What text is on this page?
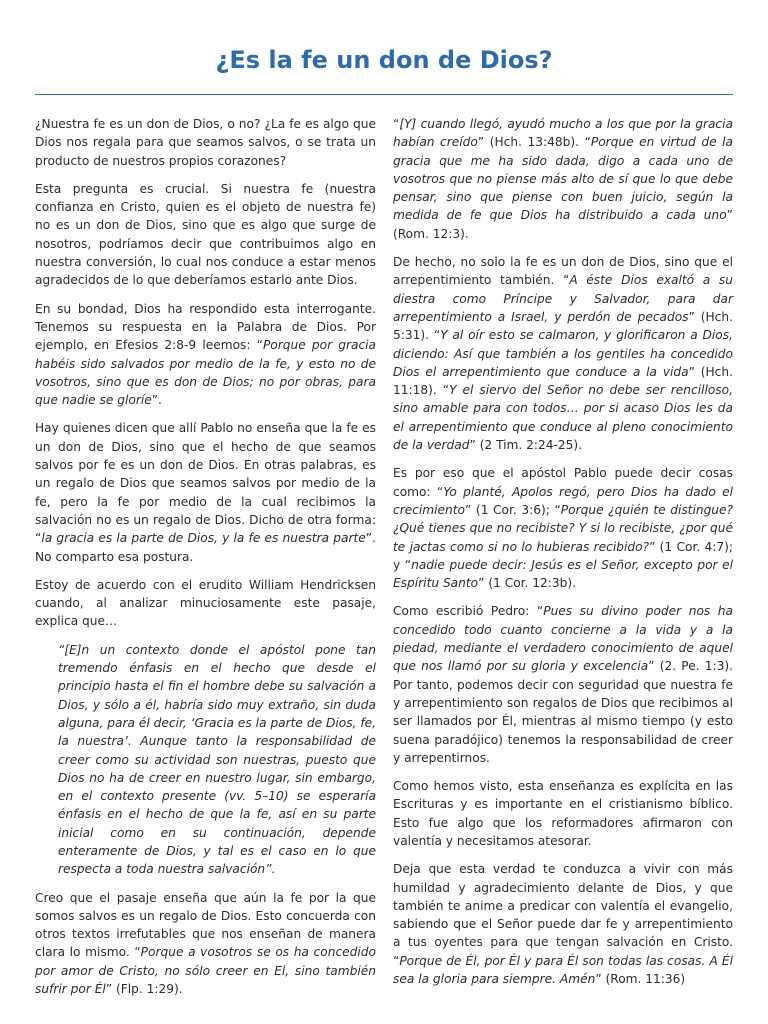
¿Es la fe un don de Dios?

¿Nuestra fe es un don de Dios, o no? ¿La fe es algo que Dios nos regala para que seamos salvos, o se trata un producto de nuestros propios corazones?

Esta pregunta es crucial. Si nuestra fe (nuestra confianza en Cristo, quien es el objeto de nuestra fe) no es un don de Dios, sino que es algo que surge de nosotros, podríamos decir que contribuimos algo en nuestra conversión, lo cual nos conduce a estar menos agradecidos de lo que deberíamos estarlo ante Dios.

En su bondad, Dios ha respondido esta interrogante. Tenemos su respuesta en la Palabra de Dios. Por ejemplo, en Efesios 2:8-9 leemos: “Porque por gracia habéis sido salvados por medio de la fe, y esto no de vosotros, sino que es don de Dios; no por obras, para que nadie se gloríe”.

Hay quienes dicen que allí Pablo no enseña que la fe es un don de Dios, sino que el hecho de que seamos salvos por fe es un don de Dios. En otras palabras, es un regalo de Dios que seamos salvos por medio de la fe, pero la fe por medio de la cual recibimos la salvación no es un regalo de Dios. Dicho de otra forma: “la gracia es la parte de Dios, y la fe es nuestra parte”. No comparto esa postura.

Estoy de acuerdo con el erudito William Hendricksen cuando, al analizar minuciosamente este pasaje, explica que…

“[E]n un contexto donde el apóstol pone tan tremendo énfasis en el hecho que desde el principio hasta el fin el hombre debe su salvación a Dios, y sólo a él, habría sido muy extraño, sin duda alguna, para él decir, ‘Gracia es la parte de Dios, fe, la nuestra’. Aunque tanto la responsabilidad de creer como su actividad son nuestras, puesto que Dios no ha de creer en nuestro lugar, sin embargo, en el contexto presente (vv. 5–10) se esperaría énfasis en el hecho de que la fe, así en su parte inicial como en su continuación, depende enteramente de Dios, y tal es el caso en lo que respecta a toda nuestra salvación”.

Creo que el pasaje enseña que aún la fe por la que somos salvos es un regalo de Dios. Esto concuerda con otros textos irrefutables que nos enseñan de manera clara lo mismo. “Porque a vosotros se os ha concedido por amor de Cristo, no sólo creer en El, sino también sufrir por Él” (Flp. 1:29).

“[Y] cuando llegó, ayudó mucho a los que por la gracia habían creído” (Hch. 13:48b). “Porque en virtud de la gracia que me ha sido dada, digo a cada uno de vosotros que no piense más alto de sí que lo que debe pensar, sino que piense con buen juicio, según la medida de fe que Dios ha distribuido a cada uno” (Rom. 12:3).

De hecho, no solo la fe es un don de Dios, sino que el arrepentimiento también. “A éste Dios exaltó a su diestra como Príncipe y Salvador, para dar arrepentimiento a Israel, y perdón de pecados” (Hch. 5:31). “Y al oír esto se calmaron, y glorificaron a Dios, diciendo: Así que también a los gentiles ha concedido Dios el arrepentimiento que conduce a la vida” (Hch. 11:18). “Y el siervo del Señor no debe ser rencilloso, sino amable para con todos… por si acaso Dios les da el arrepentimiento que conduce al pleno conocimiento de la verdad” (2 Tim. 2:24-25).

Es por eso que el apóstol Pablo puede decir cosas como: “Yo planté, Apolos regó, pero Dios ha dado el crecimiento” (1 Cor. 3:6); “Porque ¿quién te distingue? ¿Qué tienes que no recibiste? Y si lo recibiste, ¿por qué te jactas como si no lo hubieras recibido?” (1 Cor. 4:7); y “nadie puede decir: Jesús es el Señor, excepto por el Espíritu Santo” (1 Cor. 12:3b).

Como escribió Pedro: “Pues su divino poder nos ha concedido todo cuanto concierne a la vida y a la piedad, mediante el verdadero conocimiento de aquel que nos llamó por su gloria y excelencia” (2. Pe. 1:3). Por tanto, podemos decir con seguridad que nuestra fe y arrepentimiento son regalos de Dios que recibimos al ser llamados por Él, mientras al mismo tiempo (y esto suena paradójico) tenemos la responsabilidad de creer y arrepentirnos.

Como hemos visto, esta enseñanza es explícita en las Escrituras y es importante en el cristianismo bíblico. Esto fue algo que los reformadores afirmaron con valentía y necesitamos atesorar.

Deja que esta verdad te conduzca a vivir con más humildad y agradecimiento delante de Dios, y que también te anime a predicar con valentía el evangelio, sabiendo que el Señor puede dar fe y arrepentimiento a tus oyentes para que tengan salvación en Cristo. “Porque de Él, por Él y para Él son todas las cosas. A Él sea la gloria para siempre. Amén” (Rom. 11:36)
